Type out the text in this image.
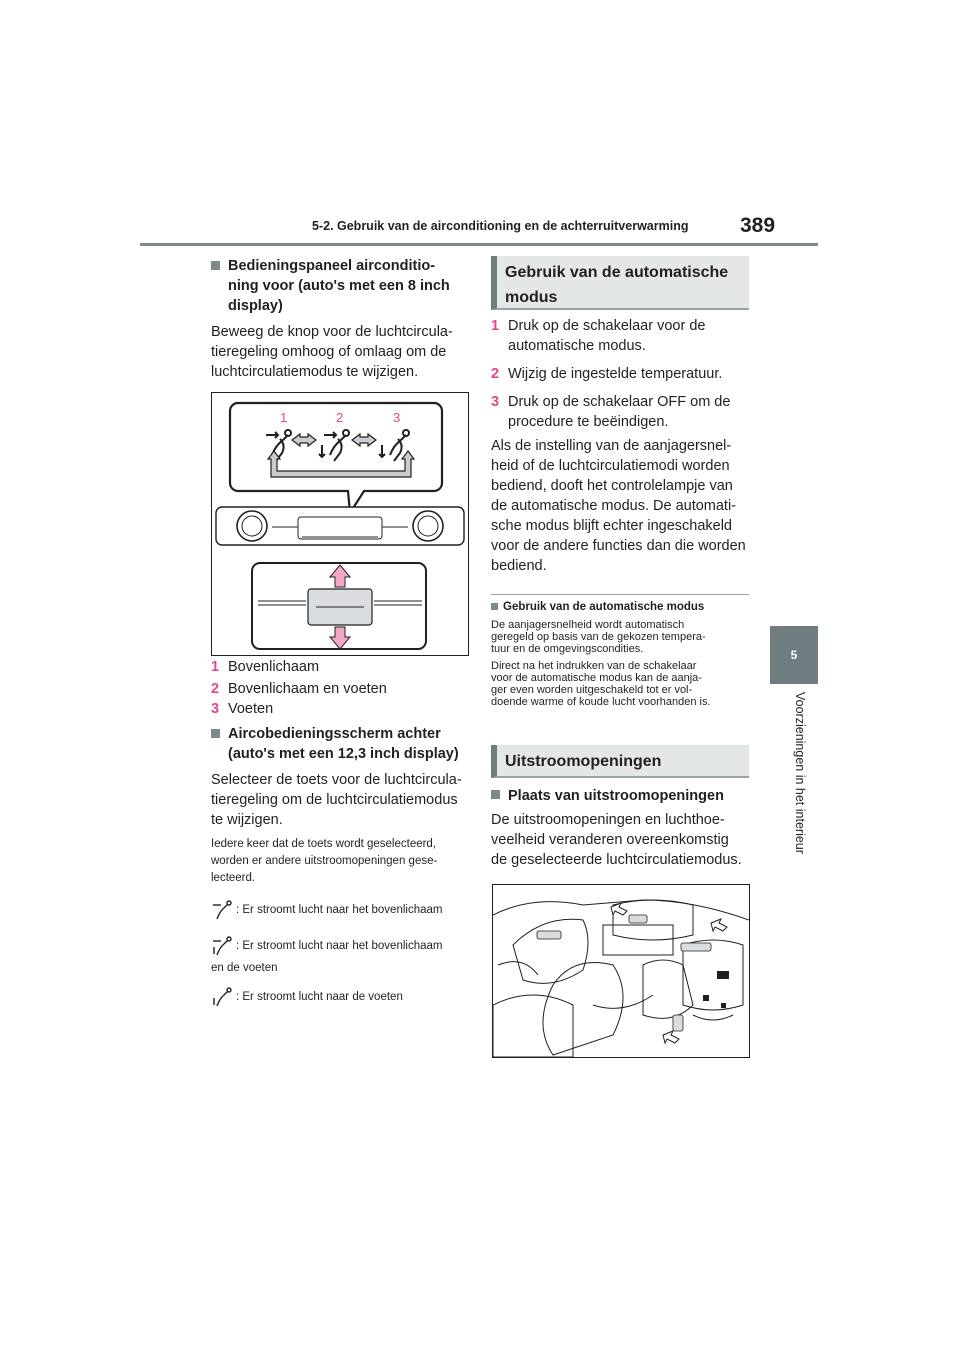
5-2. Gebruik van de airconditioning en de achterruitverwarming 389
5
Voorzieningen in het interieur
Bedieningspaneel airconditio-
ning voor (auto's met een 8 inch
display)
Beweeg de knop voor de luchtcircula-
tieregeling omhoog of omlaag om de
luchtcirculatiemodus te wijzigen.
1	2	3
1 Bovenlichaam
2 Bovenlichaam en voeten
3 Voeten
Aircobedieningsscherm achter
(auto's met een 12,3 inch display)
Selecteer de toets voor de luchtcircula-
tieregeling om de luchtcirculatiemodus
te wijzigen.
Iedere keer dat de toets wordt geselecteerd,
worden er andere uitstroomopeningen gese-
lecteerd.
: Er stroomt lucht naar het bovenlichaam
: Er stroomt lucht naar het bovenlichaam
en de voeten
: Er stroomt lucht naar de voeten
Gebruik van de automatische
modus
1 Druk op de schakelaar voor de
automatische modus.
2 Wijzig de ingestelde temperatuur.
3 Druk op de schakelaar OFF om de
procedure te beëindigen.
Als de instelling van de aanjagersnel-
heid of de luchtcirculatiemodi worden
bediend, dooft het controlelampje van
de automatische modus. De automati-
sche modus blijft echter ingeschakeld
voor de andere functies dan die worden
bediend.
Gebruik van de automatische modus
De aanjagersnelheid wordt automatisch
geregeld op basis van de gekozen tempera-
tuur en de omgevingscondities.
Direct na het indrukken van de schakelaar
voor de automatische modus kan de aanja-
ger even worden uitgeschakeld tot er vol-
doende warme of koude lucht voorhanden is.
Uitstroomopeningen
Plaats van uitstroomopeningen
De uitstroomopeningen en luchthoe-
veelheid veranderen overeenkomstig
de geselecteerde luchtcirculatiemodus.
